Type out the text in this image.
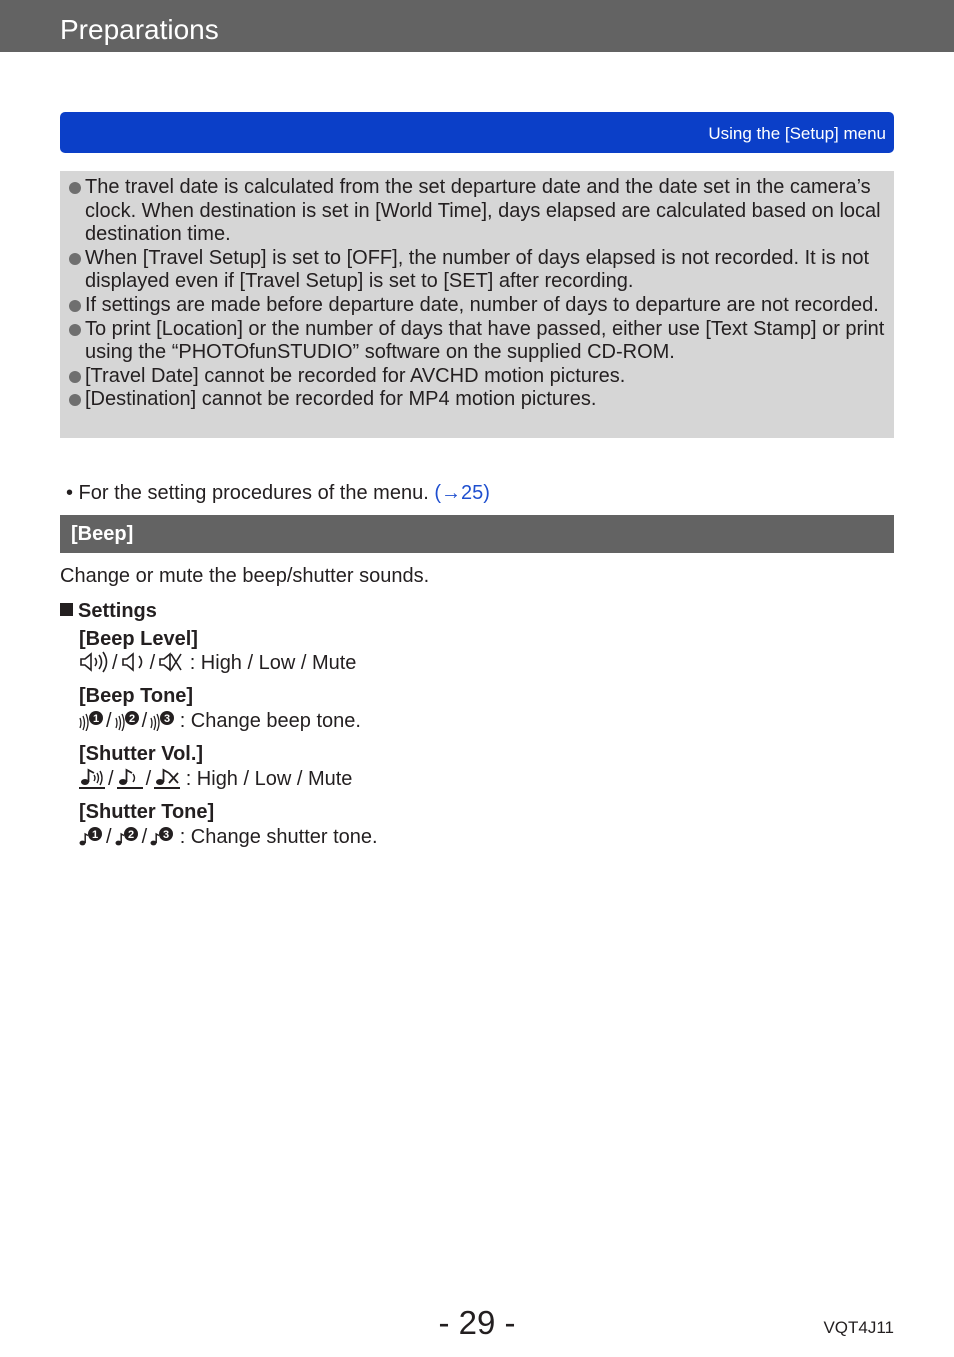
Preparations
Using the [Setup] menu
The travel date is calculated from the set departure date and the date set in the camera’s clock. When destination is set in [World Time], days elapsed are calculated based on local destination time.
When [Travel Setup] is set to [OFF], the number of days elapsed is not recorded. It is not displayed even if [Travel Setup] is set to [SET] after recording.
If settings are made before departure date, number of days to departure are not recorded.
To print [Location] or the number of days that have passed, either use [Text Stamp] or print using the “PHOTOfunSTUDIO” software on the supplied CD-ROM.
[Travel Date] cannot be recorded for AVCHD motion pictures.
[Destination] cannot be recorded for MP4 motion pictures.
• For the setting procedures of the menu. (→25)
[Beep]
Change or mute the beep/shutter sounds.
Settings
[Beep Level]
/ / : High / Low / Mute
[Beep Tone]
1 / 2 / 3 : Change beep tone.
[Shutter Vol.]
/ / : High / Low / Mute
[Shutter Tone]
1 / 2 / 3 : Change shutter tone.
- 29 -	VQT4J11
